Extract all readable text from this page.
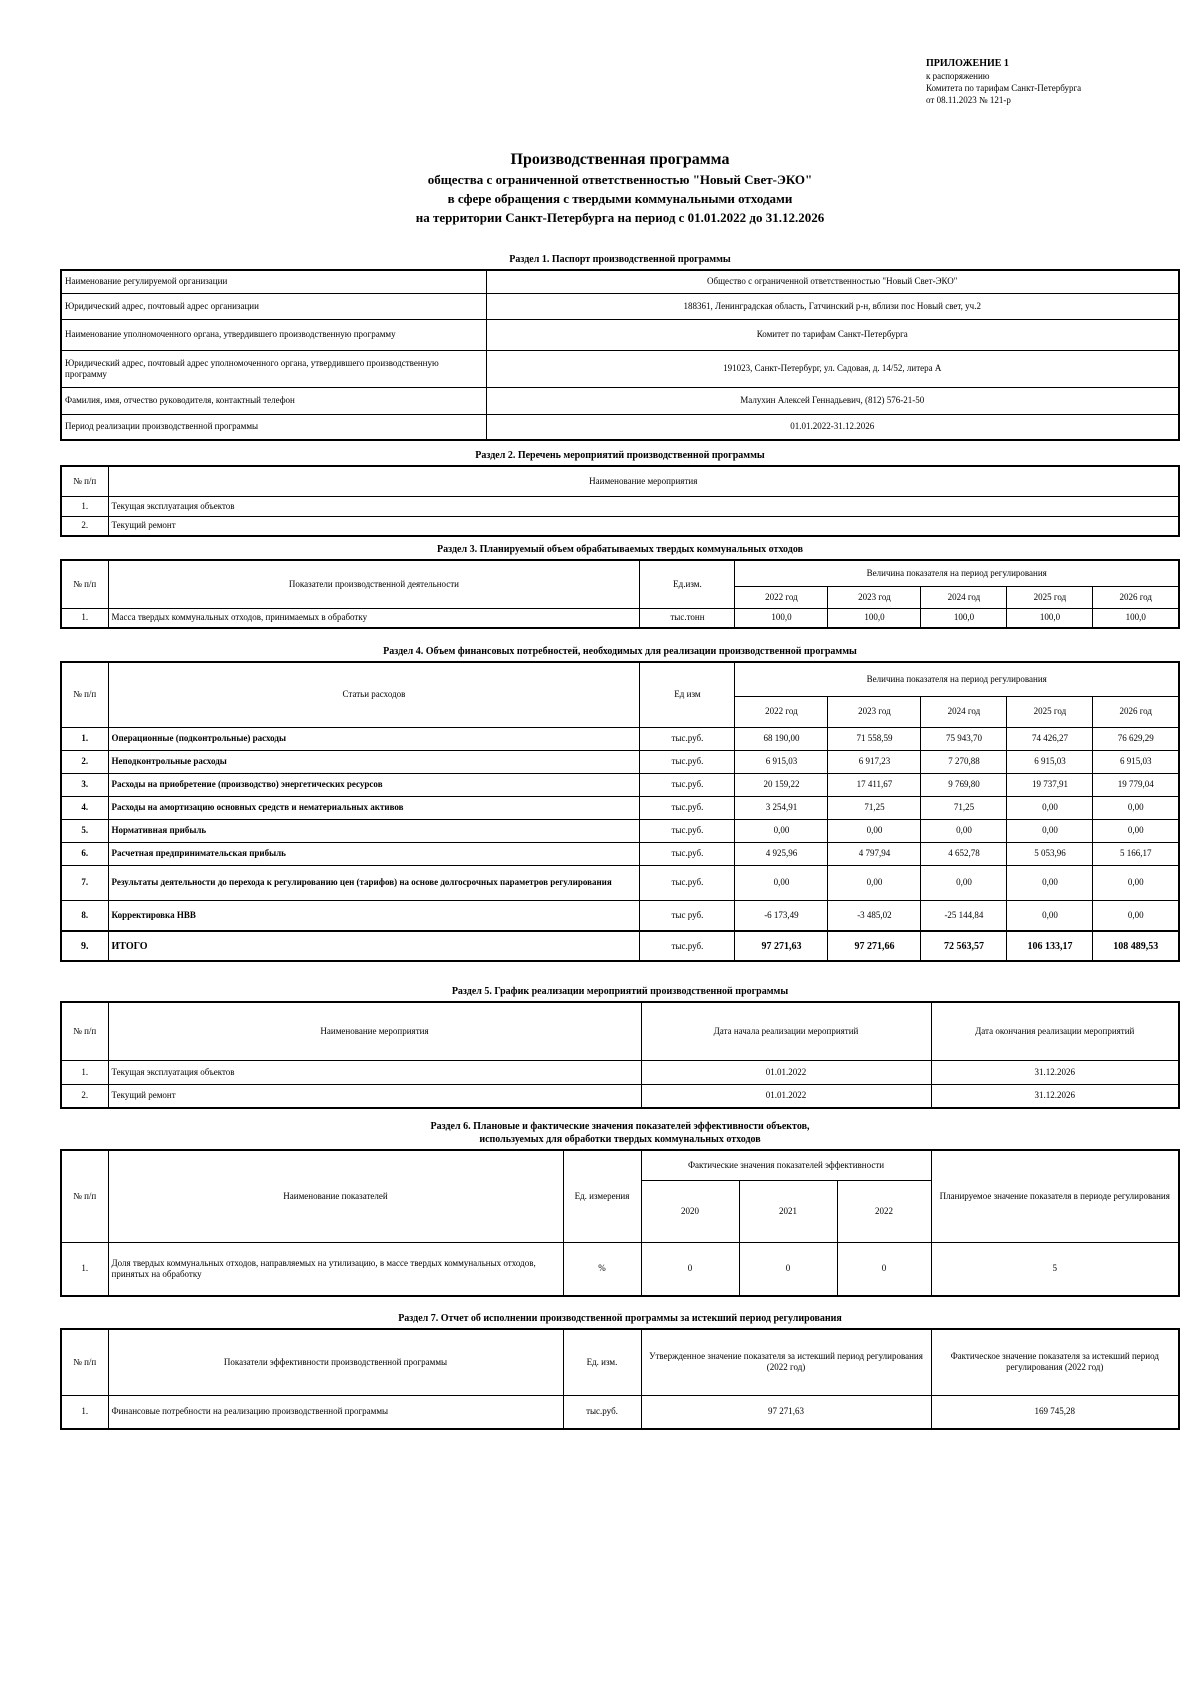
ПРИЛОЖЕНИЕ 1
к распоряжению
Комитета по тарифам Санкт-Петербурга
от 08.11.2023 № 121-р
Производственная программа
общества с ограниченной ответственностью "Новый Свет-ЭКО"
в сфере обращения с твердыми коммунальными отходами
на территории Санкт-Петербурга на период с 01.01.2022 до 31.12.2026
Раздел 1. Паспорт производственной программы
Наименование регулируемой организации	Общество с ограниченной ответственностью "Новый Свет-ЭКО"
Юридический адрес, почтовый адрес организации	188361, Ленинградская область, Гатчинский р-н, вблизи пос Новый свет, уч.2
Наименование уполномоченного органа, утвердившего производственную программу	Комитет по тарифам Санкт-Петербурга
Юридический адрес, почтовый адрес уполномоченного органа, утвердившего производственную программу	191023, Санкт-Петербург, ул. Садовая, д. 14/52, литера А
Фамилия, имя, отчество руководителя, контактный телефон	Малухин Алексей Геннадьевич, (812) 576-21-50
Период реализации производственной программы	01.01.2022-31.12.2026
Раздел 2. Перечень мероприятий производственной программы
№ п/п	Наименование мероприятия
1.	Текущая эксплуатация объектов
2.	Текущий ремонт
Раздел 3. Планируемый объем обрабатываемых твердых коммунальных отходов
№ п/п	Показатели производственной деятельности	Ед.изм.	Величина показателя на период регулирования				
			2022 год	2023 год	2024 год	2025 год	2026 год
1.	Масса твердых коммунальных отходов, принимаемых в обработку	тыс.тонн	100,0	100,0	100,0	100,0	100,0
Раздел 4. Объем финансовых потребностей, необходимых для реализации производственной программы
№ п/п	Статьи расходов	Ед изм	Величина показателя на период регулирования				
			2022 год	2023 год	2024 год	2025 год	2026 год
1.	Операционные (подконтрольные) расходы	тыс.руб.	68 190,00	71 558,59	75 943,70	74 426,27	76 629,29
2.	Неподконтрольные расходы	тыс.руб.	6 915,03	6 917,23	7 270,88	6 915,03	6 915,03
3.	Расходы на приобретение (производство) энергетических ресурсов	тыс.руб.	20 159,22	17 411,67	9 769,80	19 737,91	19 779,04
4.	Расходы на амортизацию основных средств и нематериальных активов	тыс.руб.	3 254,91	71,25	71,25	0,00	0,00
5.	Нормативная прибыль	тыс.руб.	0,00	0,00	0,00	0,00	0,00
6.	Расчетная предпринимательская прибыль	тыс.руб.	4 925,96	4 797,94	4 652,78	5 053,96	5 166,17
7.	Результаты деятельности до перехода к регулированию цен (тарифов) на основе долгосрочных параметров регулирования	тыс.руб.	0,00	0,00	0,00	0,00	0,00
8.	Корректировка НВВ	тыс руб.	-6 173,49	-3 485,02	-25 144,84	0,00	0,00
9.	ИТОГО	тыс.руб.	97 271,63	97 271,66	72 563,57	106 133,17	108 489,53
Раздел 5. График реализации мероприятий производственной программы
№ п/п	Наименование мероприятия	Дата начала реализации мероприятий	Дата окончания реализации мероприятий
1.	Текущая эксплуатация объектов	01.01.2022	31.12.2026
2.	Текущий ремонт	01.01.2022	31.12.2026
Раздел 6. Плановые и фактические значения показателей эффективности объектов,
используемых для обработки твердых коммунальных отходов
№ п/п	Наименование показателей	Ед. измерения	Фактические значения показателей эффективности			Планируемое значение показателя в периоде регулирования
			2020	2021	2022	
1.	Доля твердых коммунальных отходов, направляемых на утилизацию, в массе твердых коммунальных отходов, принятых на обработку	%	0	0	0	5
Раздел 7. Отчет об исполнении производственной программы за истекший период регулирования
№ п/п	Показатели эффективности производственной программы	Ед. изм.	Утвержденное значение показателя за истекший период регулирования (2022 год)	Фактическое значение показателя за истекший период регулирования (2022 год)
1.	Финансовые потребности на реализацию производственной программы	тыс.руб.	97 271,63	169 745,28
